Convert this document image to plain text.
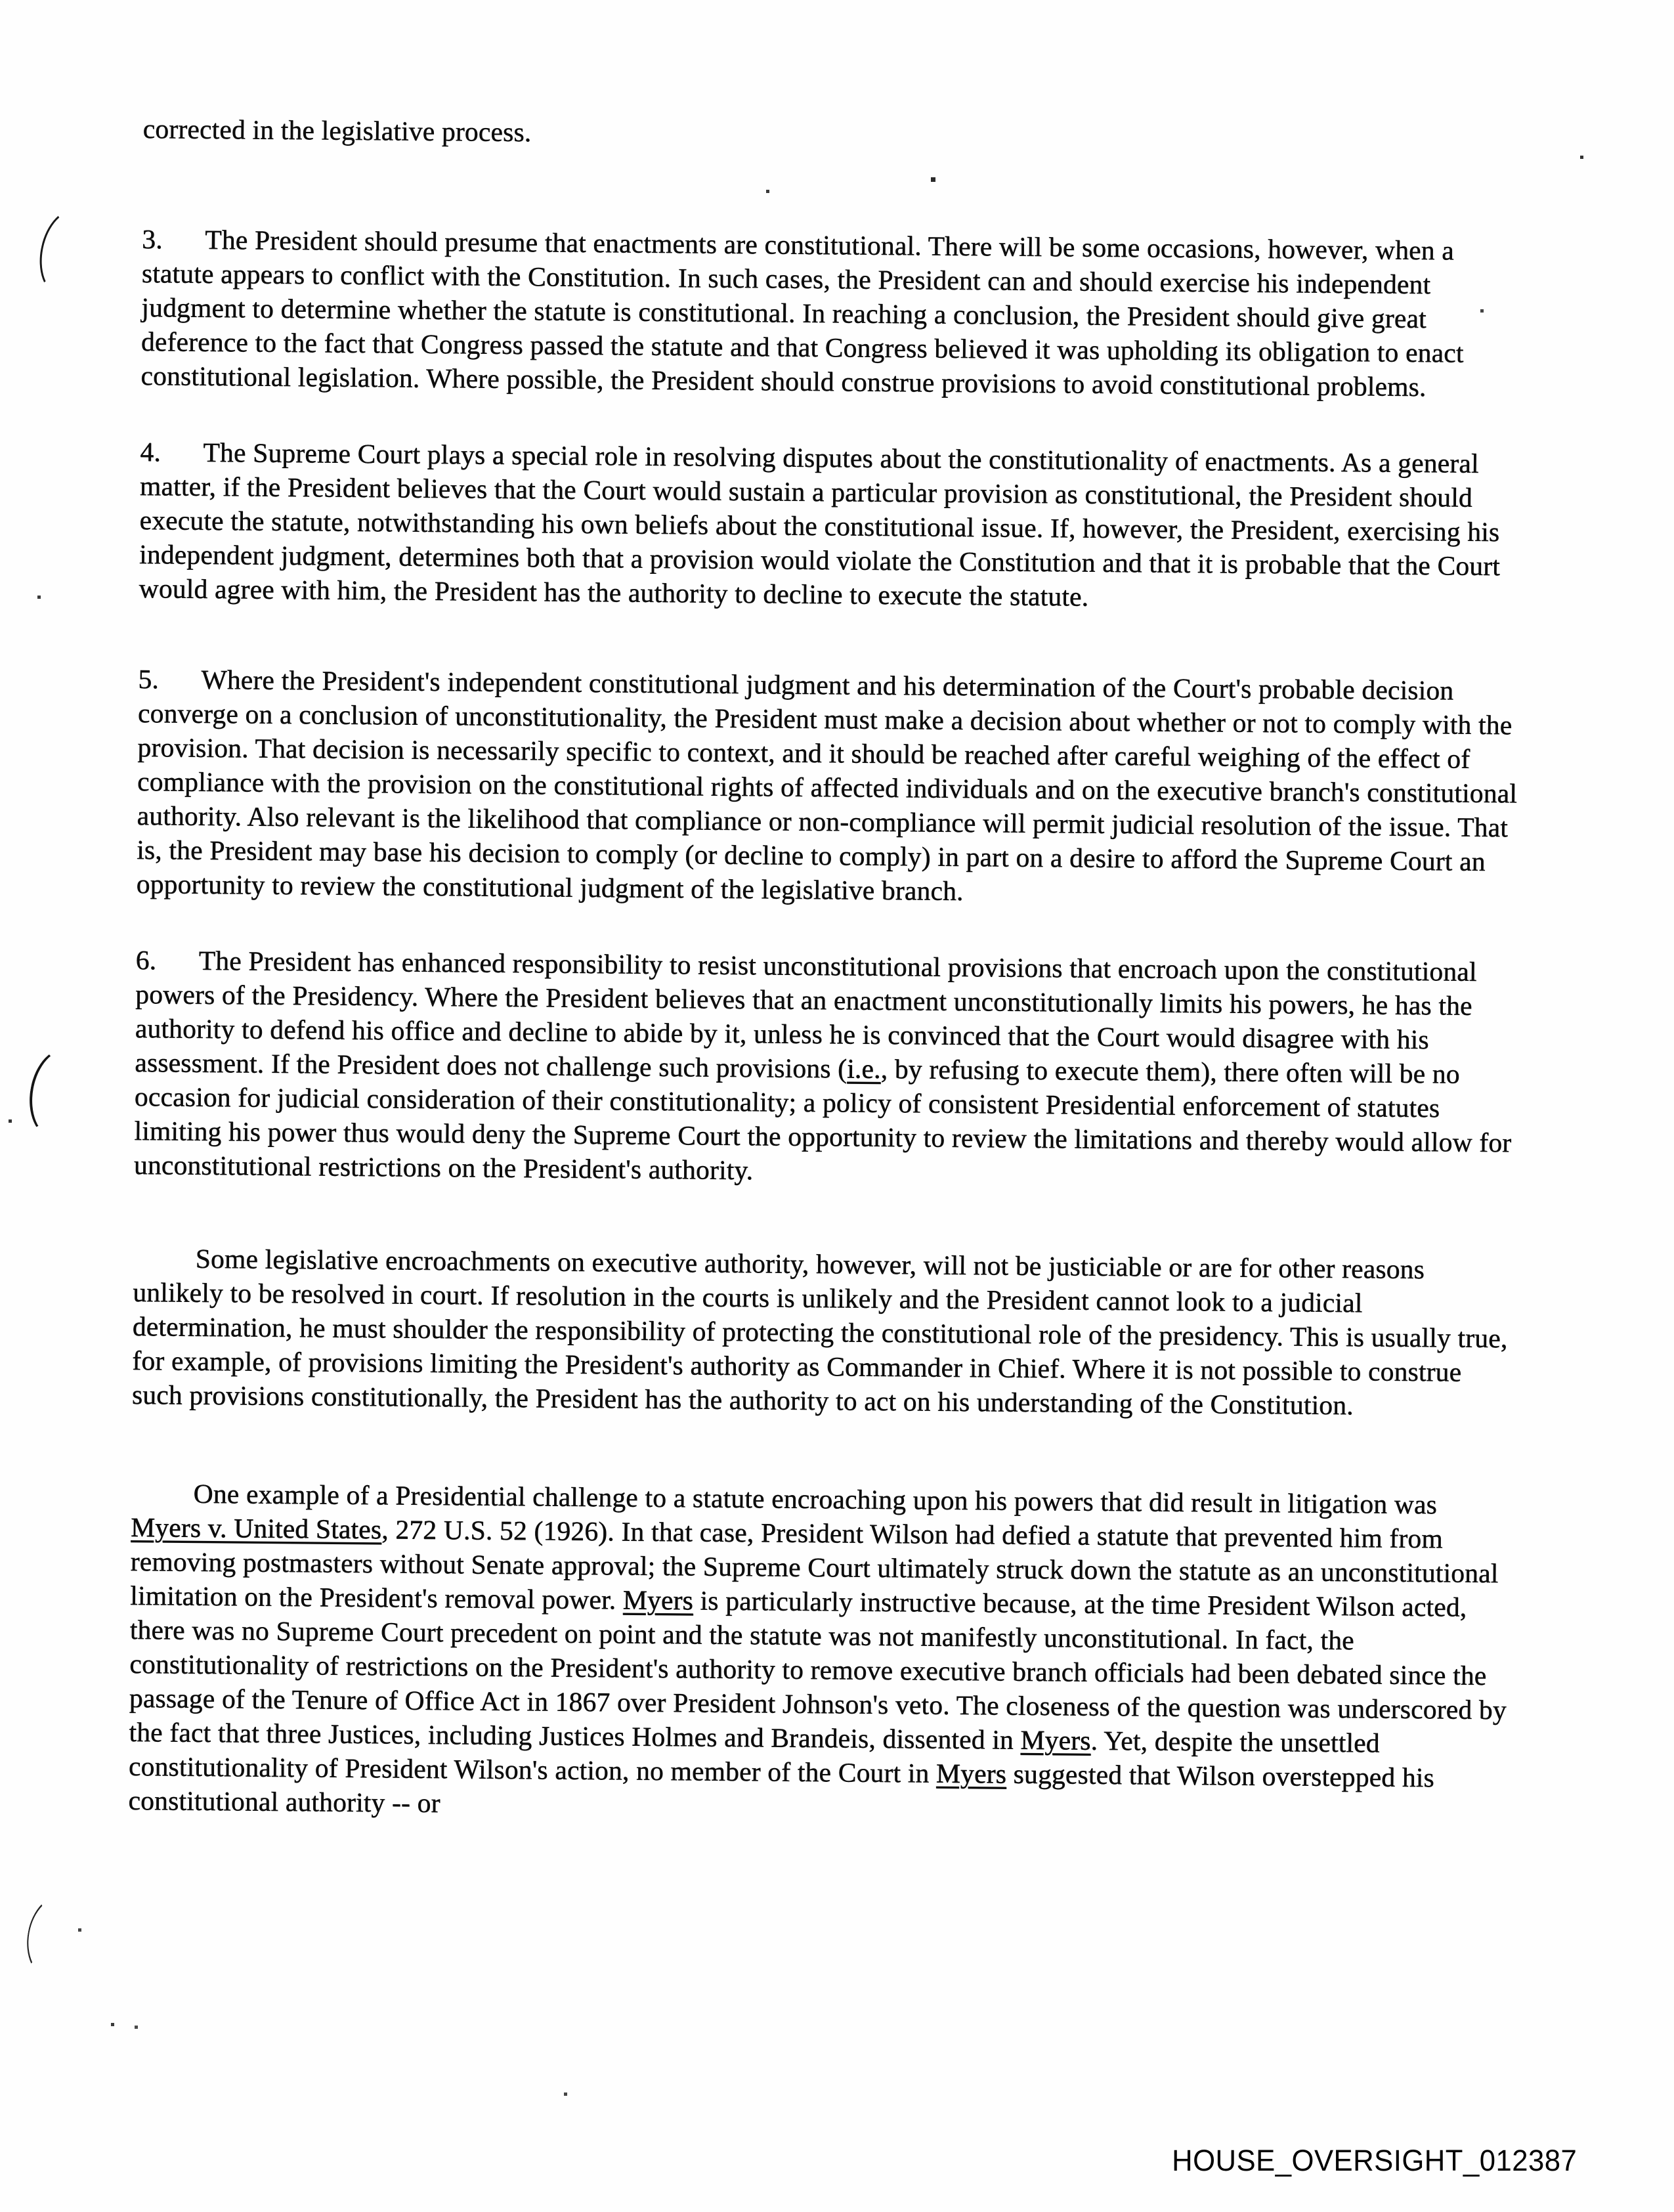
corrected in the legislative process.

3. The President should presume that enactments are constitutional. There will be some occasions, however, when a statute appears to conflict with the Constitution. In such cases, the President can and should exercise his independent judgment to determine whether the statute is constitutional. In reaching a conclusion, the President should give great deference to the fact that Congress passed the statute and that Congress believed it was upholding its obligation to enact constitutional legislation. Where possible, the President should construe provisions to avoid constitutional problems.

4. The Supreme Court plays a special role in resolving disputes about the constitutionality of enactments. As a general matter, if the President believes that the Court would sustain a particular provision as constitutional, the President should execute the statute, notwithstanding his own beliefs about the constitutional issue. If, however, the President, exercising his independent judgment, determines both that a provision would violate the Constitution and that it is probable that the Court would agree with him, the President has the authority to decline to execute the statute.

5. Where the President's independent constitutional judgment and his determination of the Court's probable decision converge on a conclusion of unconstitutionality, the President must make a decision about whether or not to comply with the provision. That decision is necessarily specific to context, and it should be reached after careful weighing of the effect of compliance with the provision on the constitutional rights of affected individuals and on the executive branch's constitutional authority. Also relevant is the likelihood that compliance or non-compliance will permit judicial resolution of the issue. That is, the President may base his decision to comply (or decline to comply) in part on a desire to afford the Supreme Court an opportunity to review the constitutional judgment of the legislative branch.

6. The President has enhanced responsibility to resist unconstitutional provisions that encroach upon the constitutional powers of the Presidency. Where the President believes that an enactment unconstitutionally limits his powers, he has the authority to defend his office and decline to abide by it, unless he is convinced that the Court would disagree with his assessment. If the President does not challenge such provisions (i.e., by refusing to execute them), there often will be no occasion for judicial consideration of their constitutionality; a policy of consistent Presidential enforcement of statutes limiting his power thus would deny the Supreme Court the opportunity to review the limitations and thereby would allow for unconstitutional restrictions on the President's authority.

Some legislative encroachments on executive authority, however, will not be justiciable or are for other reasons unlikely to be resolved in court. If resolution in the courts is unlikely and the President cannot look to a judicial determination, he must shoulder the responsibility of protecting the constitutional role of the presidency. This is usually true, for example, of provisions limiting the President's authority as Commander in Chief. Where it is not possible to construe such provisions constitutionally, the President has the authority to act on his understanding of the Constitution.

One example of a Presidential challenge to a statute encroaching upon his powers that did result in litigation was Myers v. United States, 272 U.S. 52 (1926). In that case, President Wilson had defied a statute that prevented him from removing postmasters without Senate approval; the Supreme Court ultimately struck down the statute as an unconstitutional limitation on the President's removal power. Myers is particularly instructive because, at the time President Wilson acted, there was no Supreme Court precedent on point and the statute was not manifestly unconstitutional. In fact, the constitutionality of restrictions on the President's authority to remove executive branch officials had been debated since the passage of the Tenure of Office Act in 1867 over President Johnson's veto. The closeness of the question was underscored by the fact that three Justices, including Justices Holmes and Brandeis, dissented in Myers. Yet, despite the unsettled constitutionality of President Wilson's action, no member of the Court in Myers suggested that Wilson overstepped his constitutional authority -- or

HOUSE_OVERSIGHT_012387
